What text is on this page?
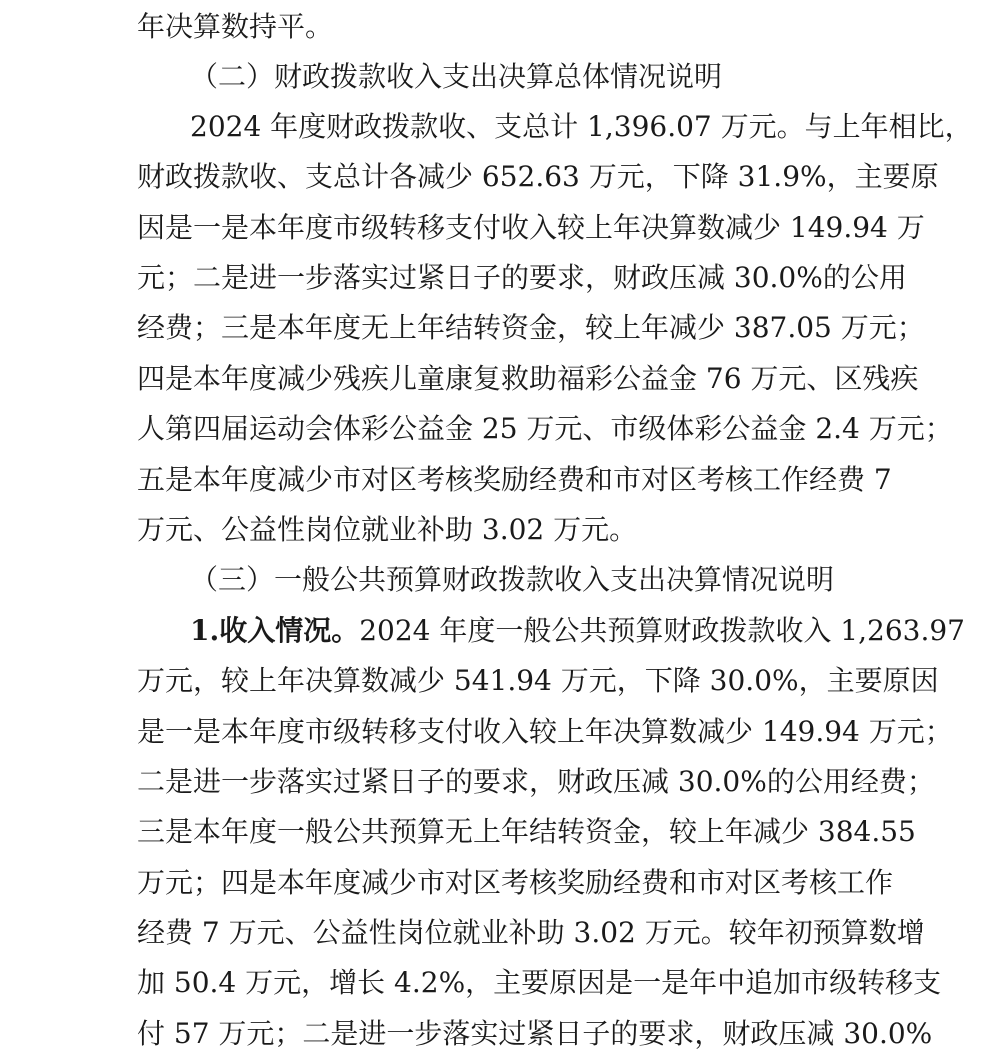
年决算数持平。
（二）财政拨款收入支出决算总体情况说明
2024 年度财政拨款收、支总计 1,396.07 万元。与上年相比，
财政拨款收、支总计各减少 652.63 万元，下降 31.9%，主要原
因是一是本年度市级转移支付收入较上年决算数减少 149.94 万
元；二是进一步落实过紧日子的要求，财政压减 30.0%的公用
经费；三是本年度无上年结转资金，较上年减少 387.05 万元；
四是本年度减少残疾儿童康复救助福彩公益金 76 万元、区残疾
人第四届运动会体彩公益金 25 万元、市级体彩公益金 2.4 万元；
五是本年度减少市对区考核奖励经费和市对区考核工作经费 7
万元、公益性岗位就业补助 3.02 万元。
（三）一般公共预算财政拨款收入支出决算情况说明
1.收入情况。 2024 年度一般公共预算财政拨款收入 1,263.97
万元，较上年决算数减少 541.94 万元，下降 30.0%，主要原因
是一是本年度市级转移支付收入较上年决算数减少 149.94 万元；
二是进一步落实过紧日子的要求，财政压减 30.0%的公用经费；
三是本年度一般公共预算无上年结转资金，较上年减少 384.55
万元；四是本年度减少市对区考核奖励经费和市对区考核工作
经费 7 万元、公益性岗位就业补助 3.02 万元。较年初预算数增
加 50.4 万元，增长 4.2%，主要原因是一是年中追加市级转移支
付 57 万元；二是进一步落实过紧日子的要求，财政压减 30.0%
